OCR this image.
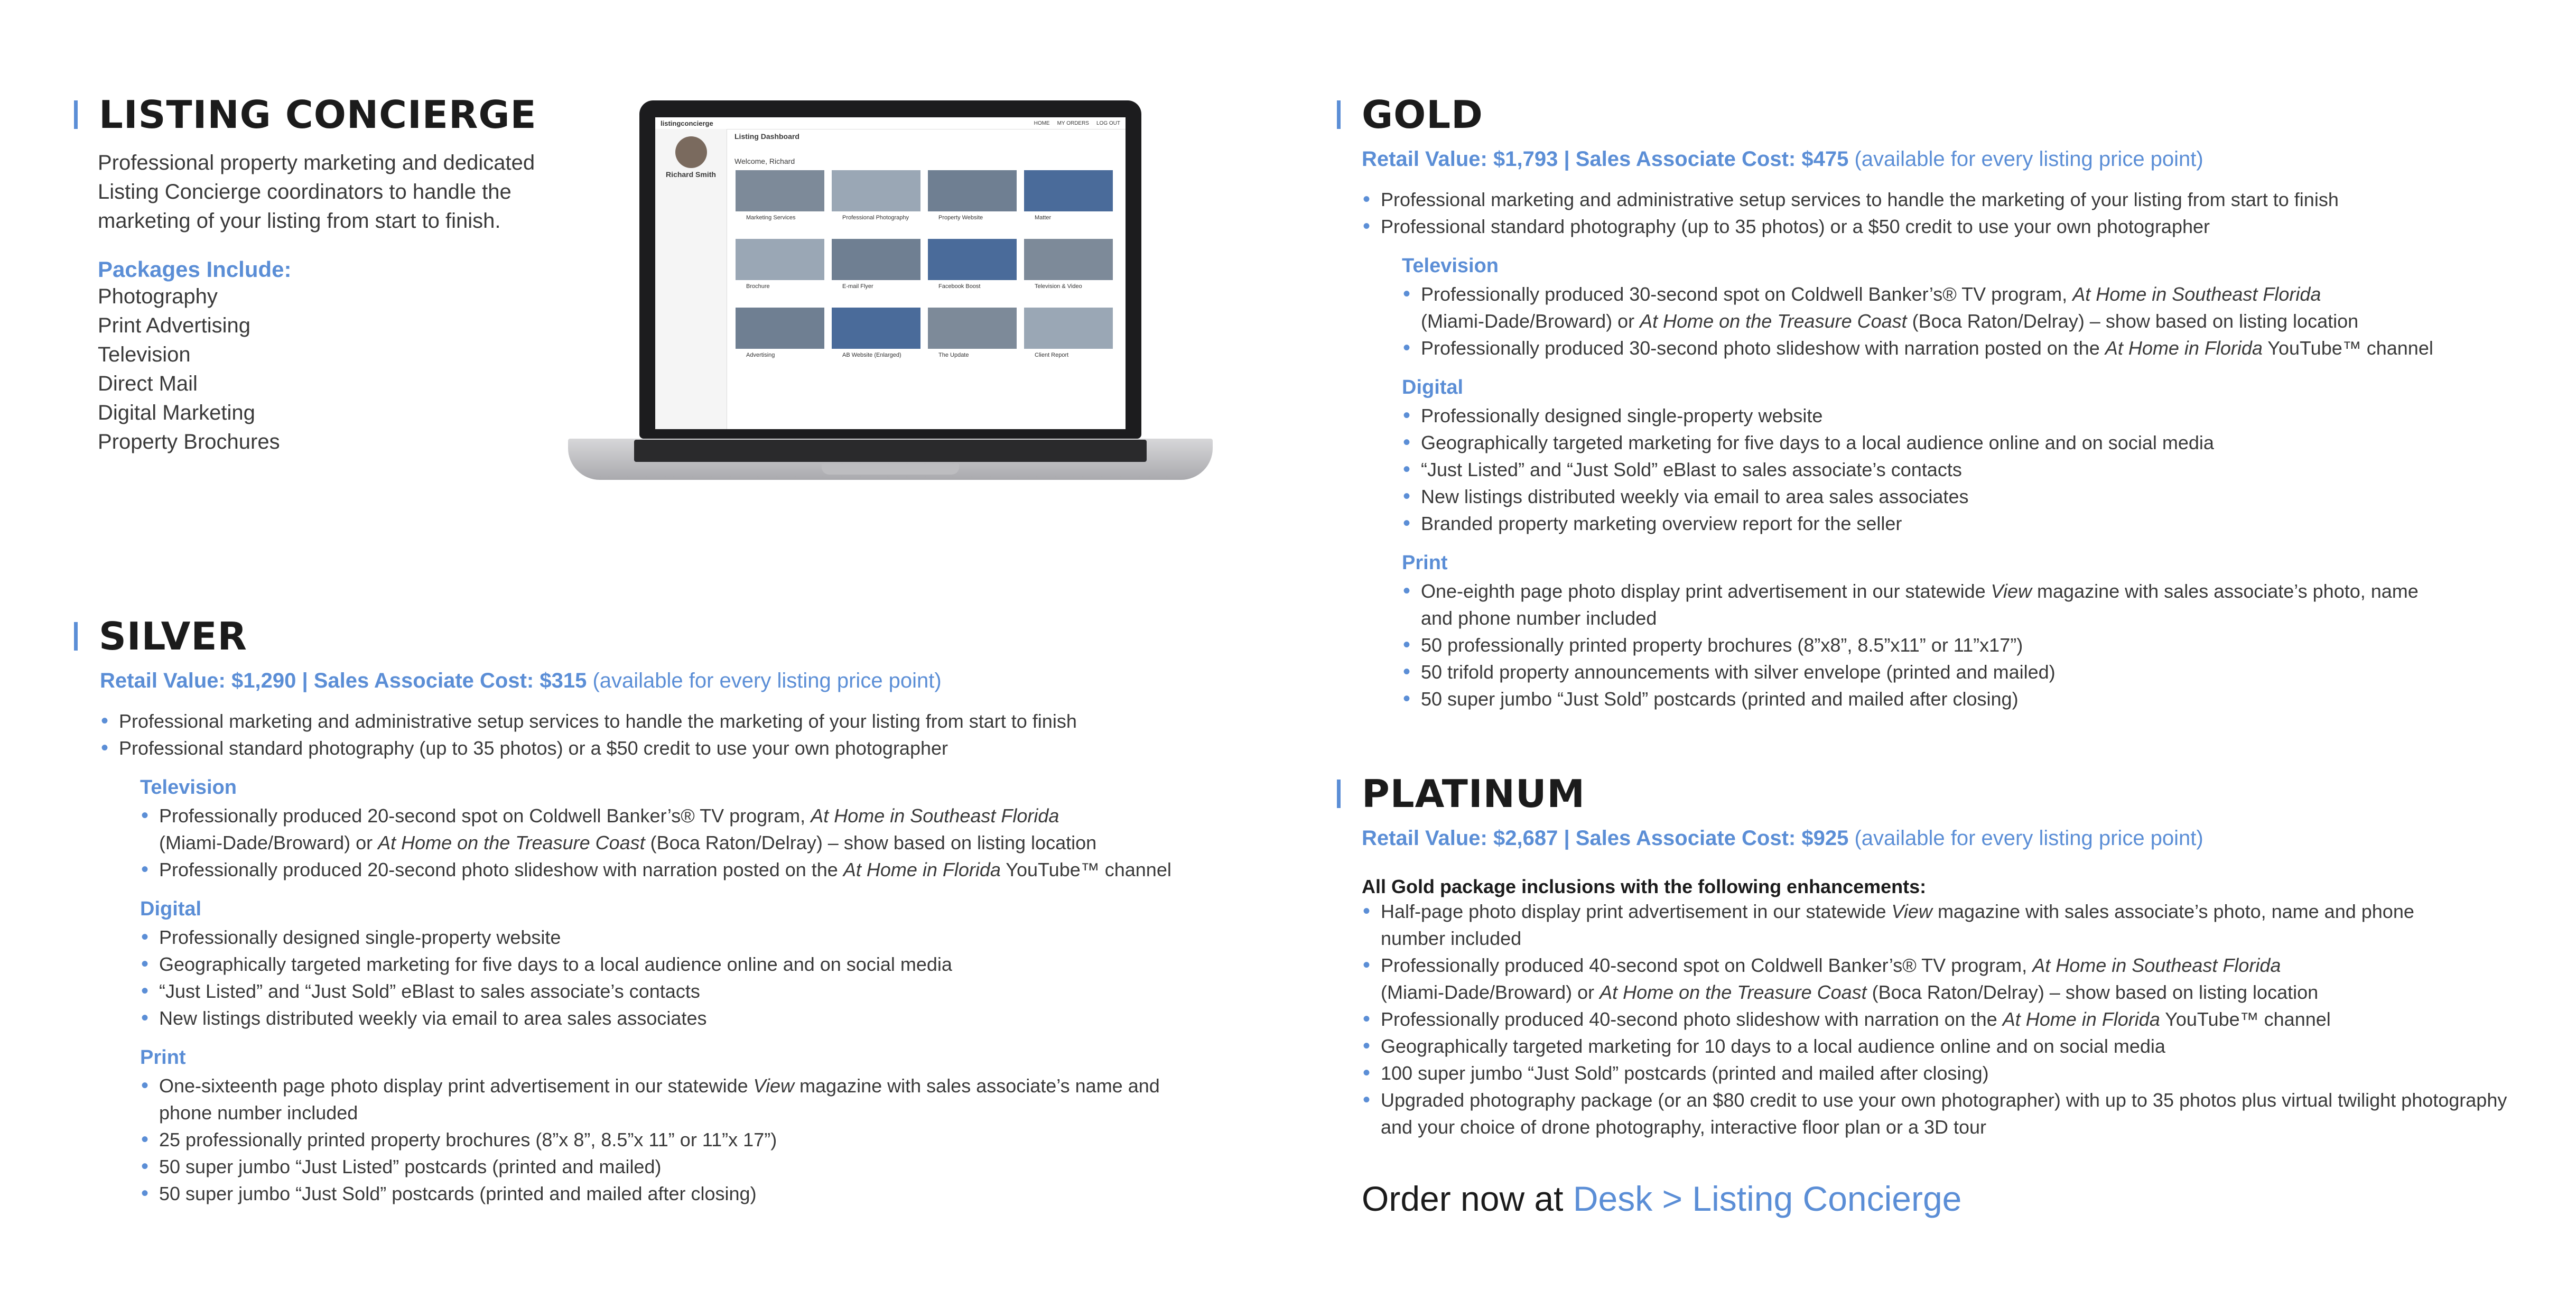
LISTING CONCIERGE
Professional property marketing and dedicated
Listing Concierge coordinators to handle the
marketing of your listing from start to finish.
Packages Include:
Photography
Print Advertising
Television
Direct Mail
Digital Marketing
Property Brochures
listingconcierge	HOME MY ORDERS LOG OUT
Richard Smith
Listing Dashboard
Welcome, Richard
Marketing Services	Professional Photography	Property Website	Matter
Brochure	E-mail Flyer	Facebook Boost	Television & Video
Advertising	AB Website (Enlarged)	The Update	Client Report
SILVER
Retail Value: $1,290 | Sales Associate Cost: $315 (available for every listing price point)
• Professional marketing and administrative setup services to handle the marketing of your listing from start to finish
• Professional standard photography (up to 35 photos) or a $50 credit to use your own photographer
Television
• Professionally produced 20-second spot on Coldwell Banker’s® TV program, At Home in Southeast Florida
(Miami-Dade/Broward) or At Home on the Treasure Coast (Boca Raton/Delray) – show based on listing location
• Professionally produced 20-second photo slideshow with narration posted on the At Home in Florida YouTube™ channel
Digital
• Professionally designed single-property website
• Geographically targeted marketing for five days to a local audience online and on social media
• “Just Listed” and “Just Sold” eBlast to sales associate’s contacts
• New listings distributed weekly via email to area sales associates
Print
• One-sixteenth page photo display print advertisement in our statewide View magazine with sales associate’s name and
phone number included
• 25 professionally printed property brochures (8”x 8”, 8.5”x 11” or 11”x 17”)
• 50 super jumbo “Just Listed” postcards (printed and mailed)
• 50 super jumbo “Just Sold” postcards (printed and mailed after closing)
GOLD
Retail Value: $1,793 | Sales Associate Cost: $475 (available for every listing price point)
• Professional marketing and administrative setup services to handle the marketing of your listing from start to finish
• Professional standard photography (up to 35 photos) or a $50 credit to use your own photographer
Television
• Professionally produced 30-second spot on Coldwell Banker’s® TV program, At Home in Southeast Florida
(Miami-Dade/Broward) or At Home on the Treasure Coast (Boca Raton/Delray) – show based on listing location
• Professionally produced 30-second photo slideshow with narration posted on the At Home in Florida YouTube™ channel
Digital
• Professionally designed single-property website
• Geographically targeted marketing for five days to a local audience online and on social media
• “Just Listed” and “Just Sold” eBlast to sales associate’s contacts
• New listings distributed weekly via email to area sales associates
• Branded property marketing overview report for the seller
Print
• One-eighth page photo display print advertisement in our statewide View magazine with sales associate’s photo, name
and phone number included
• 50 professionally printed property brochures (8”x8”, 8.5”x11” or 11”x17”)
• 50 trifold property announcements with silver envelope (printed and mailed)
• 50 super jumbo “Just Sold” postcards (printed and mailed after closing)
PLATINUM
Retail Value: $2,687 | Sales Associate Cost: $925 (available for every listing price point)
All Gold package inclusions with the following enhancements:
• Half-page photo display print advertisement in our statewide View magazine with sales associate’s photo, name and phone
number included
• Professionally produced 40-second spot on Coldwell Banker’s® TV program, At Home in Southeast Florida
(Miami-Dade/Broward) or At Home on the Treasure Coast (Boca Raton/Delray) – show based on listing location
• Professionally produced 40-second photo slideshow with narration on the At Home in Florida YouTube™ channel
• Geographically targeted marketing for 10 days to a local audience online and on social media
• 100 super jumbo “Just Sold” postcards (printed and mailed after closing)
• Upgraded photography package (or an $80 credit to use your own photographer) with up to 35 photos plus virtual twilight photography
and your choice of drone photography, interactive floor plan or a 3D tour
Order now at Desk > Listing Concierge
